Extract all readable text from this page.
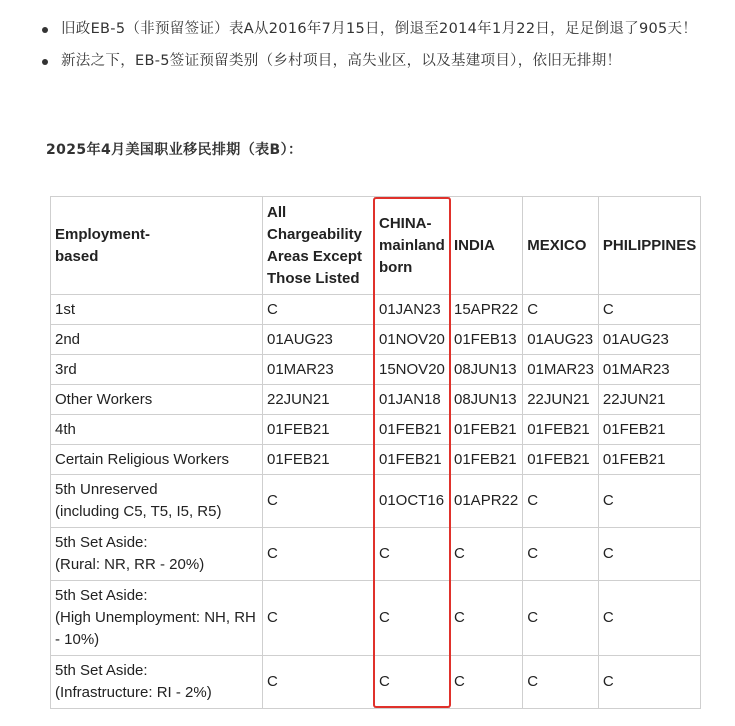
旧政EB-5（非预留签证）表A从2016年7月15日，倒退至2014年1月22日，足足倒退了905天！
新法之下，EB-5签证预留类别（乡村项目，高失业区，以及基建项目），依旧无排期！
2025年4月美国职业移民排期（表B）：
Employment-
based	All
Chargeability
Areas Except
Those Listed	CHINA-
mainland
born	INDIA	MEXICO	PHILIPPINES

1st	C	01JAN23	15APR22	C	C
2nd	01AUG23	01NOV20	01FEB13	01AUG23	01AUG23
3rd	01MAR23	15NOV20	08JUN13	01MAR23	01MAR23
Other Workers	22JUN21	01JAN18	08JUN13	22JUN21	22JUN21
4th	01FEB21	01FEB21	01FEB21	01FEB21	01FEB21
Certain Religious Workers	01FEB21	01FEB21	01FEB21	01FEB21	01FEB21

5th Unreserved
(including C5, T5, I5, R5)	C	01OCT16	01APR22	C	C

5th Set Aside:
(Rural: NR, RR - 20%)	C	C	C	C	C

5th Set Aside:
(High Unemployment: NH, RH
- 10%)	C	C	C	C	C

5th Set Aside:
(Infrastructure: RI - 2%)	C	C	C	C	C
